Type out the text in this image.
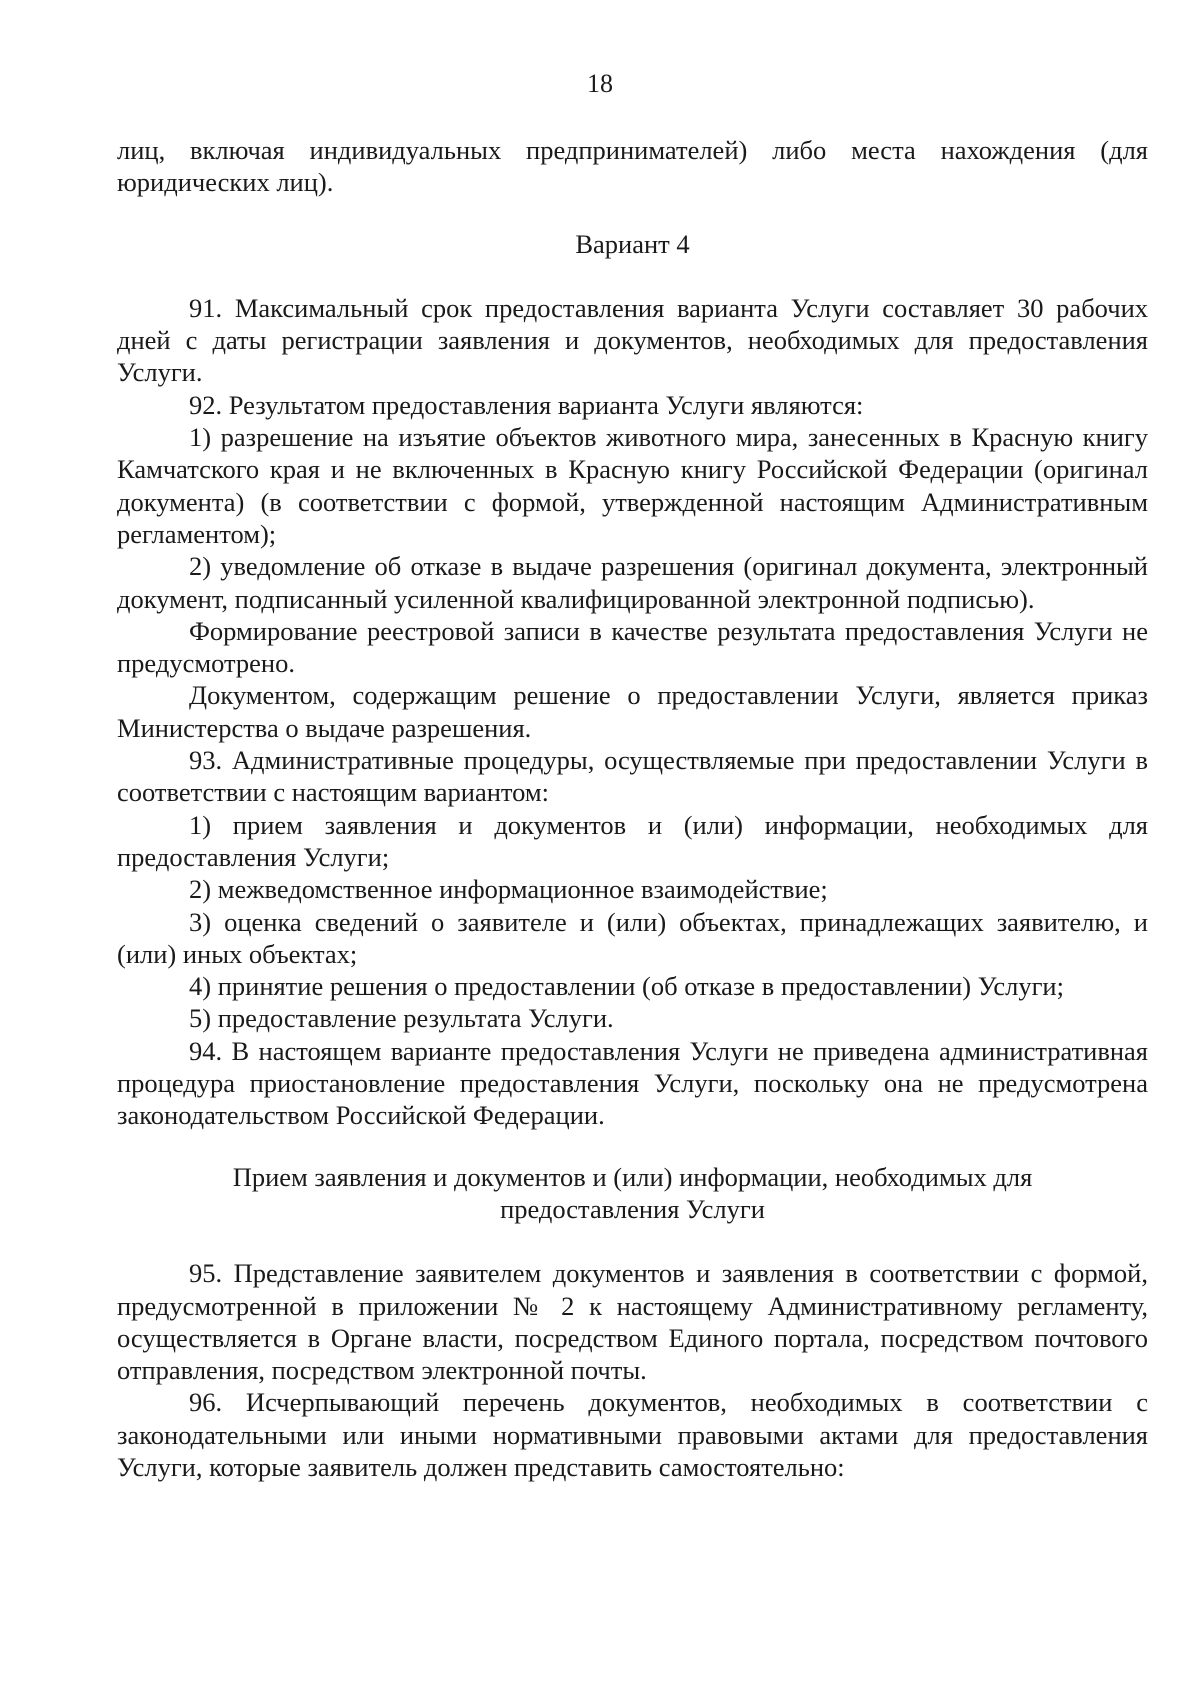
18

лиц, включая индивидуальных предпринимателей) либо места нахождения (для юридических лиц).

Вариант 4

91. Максимальный срок предоставления варианта Услуги составляет 30 рабочих дней с даты регистрации заявления и документов, необходимых для предоставления Услуги.

92. Результатом предоставления варианта Услуги являются:

1) разрешение на изъятие объектов животного мира, занесенных в Красную книгу Камчатского края и не включенных в Красную книгу Российской Федерации (оригинал документа) (в соответствии с формой, утвержденной настоящим Административным регламентом);

2) уведомление об отказе в выдаче разрешения (оригинал документа, электронный документ, подписанный усиленной квалифицированной электронной подписью).

Формирование реестровой записи в качестве результата предоставления Услуги не предусмотрено.

Документом, содержащим решение о предоставлении Услуги, является приказ Министерства о выдаче разрешения.

93. Административные процедуры, осуществляемые при предоставлении Услуги в соответствии с настоящим вариантом:

1) прием заявления и документов и (или) информации, необходимых для предоставления Услуги;

2) межведомственное информационное взаимодействие;

3) оценка сведений о заявителе и (или) объектах, принадлежащих заявителю, и (или) иных объектах;

4) принятие решения о предоставлении (об отказе в предоставлении) Услуги;

5) предоставление результата Услуги.

94. В настоящем варианте предоставления Услуги не приведена административная процедура приостановление предоставления Услуги, поскольку она не предусмотрена законодательством Российской Федерации.

Прием заявления и документов и (или) информации, необходимых для

предоставления Услуги

95. Представление заявителем документов и заявления в соответствии с формой, предусмотренной в приложении № 2 к настоящему Административному регламенту, осуществляется в Органе власти, посредством Единого портала, посредством почтового отправления, посредством электронной почты.

96. Исчерпывающий перечень документов, необходимых в соответствии с законодательными или иными нормативными правовыми актами для предоставления Услуги, которые заявитель должен представить самостоятельно:
